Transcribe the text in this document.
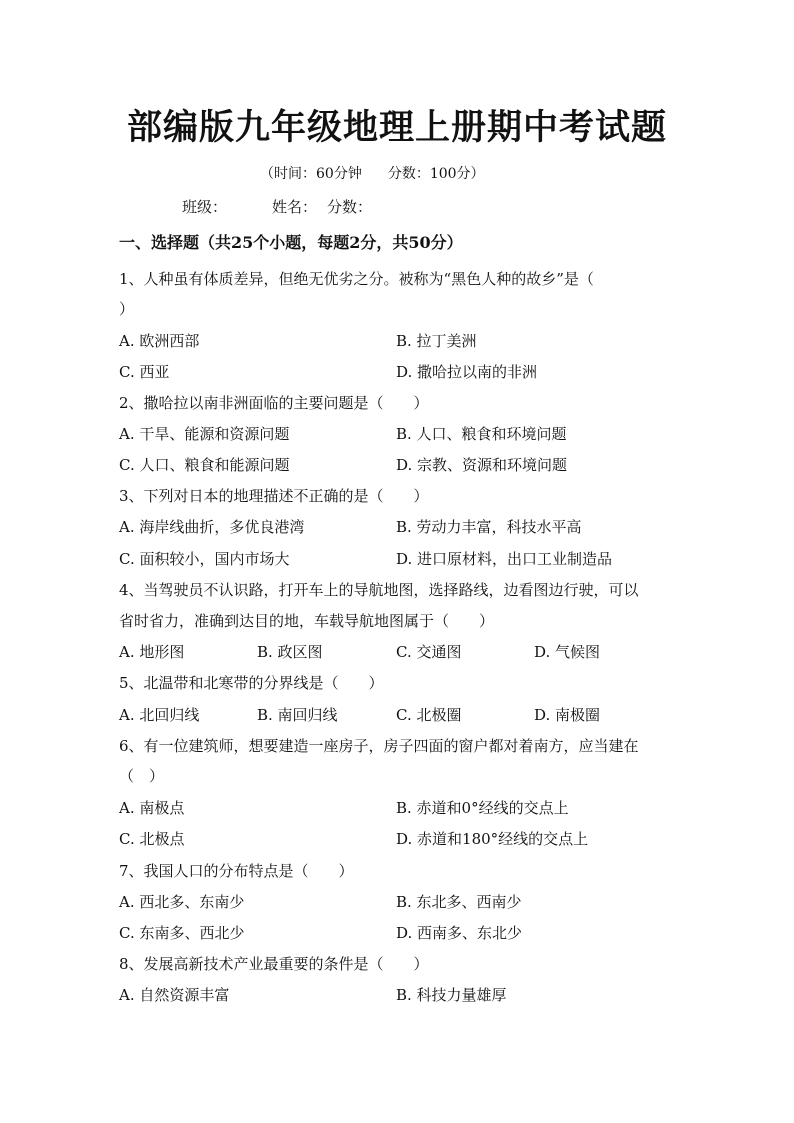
部编版九年级地理上册期中考试题
（时间：60分钟 分数：100分）
班级：	姓名： 分数：
一、选择题（共25个小题，每题2分，共50分）
1、人种虽有体质差异，但绝无优劣之分。被称为“黑色人种的故乡”是（
）
A. 欧洲西部	B. 拉丁美洲
C. 西亚	D. 撒哈拉以南的非洲
2、撒哈拉以南非洲面临的主要问题是（　　）
A. 干旱、能源和资源问题	B. 人口、粮食和环境问题
C. 人口、粮食和能源问题	D. 宗教、资源和环境问题
3、下列对日本的地理描述不正确的是（　　）
A. 海岸线曲折，多优良港湾	B. 劳动力丰富，科技水平高
C. 面积较小，国内市场大	D. 进口原材料，出口工业制造品
4、当驾驶员不认识路，打开车上的导航地图，选择路线，边看图边行驶，可以
省时省力，准确到达目的地，车载导航地图属于（　　）
A. 地形图	B. 政区图	C. 交通图	D. 气候图
5、北温带和北寒带的分界线是（　　）
A. 北回归线	B. 南回归线	C. 北极圈	D. 南极圈
6、有一位建筑师，想要建造一座房子，房子四面的窗户都对着南方，应当建在
（　）
A. 南极点	B. 赤道和0°经线的交点上
C. 北极点	D. 赤道和180°经线的交点上
7、我国人口的分布特点是（　　）
A. 西北多、东南少	B. 东北多、西南少
C. 东南多、西北少	D. 西南多、东北少
8、发展高新技术产业最重要的条件是（　　）
A. 自然资源丰富	B. 科技力量雄厚
